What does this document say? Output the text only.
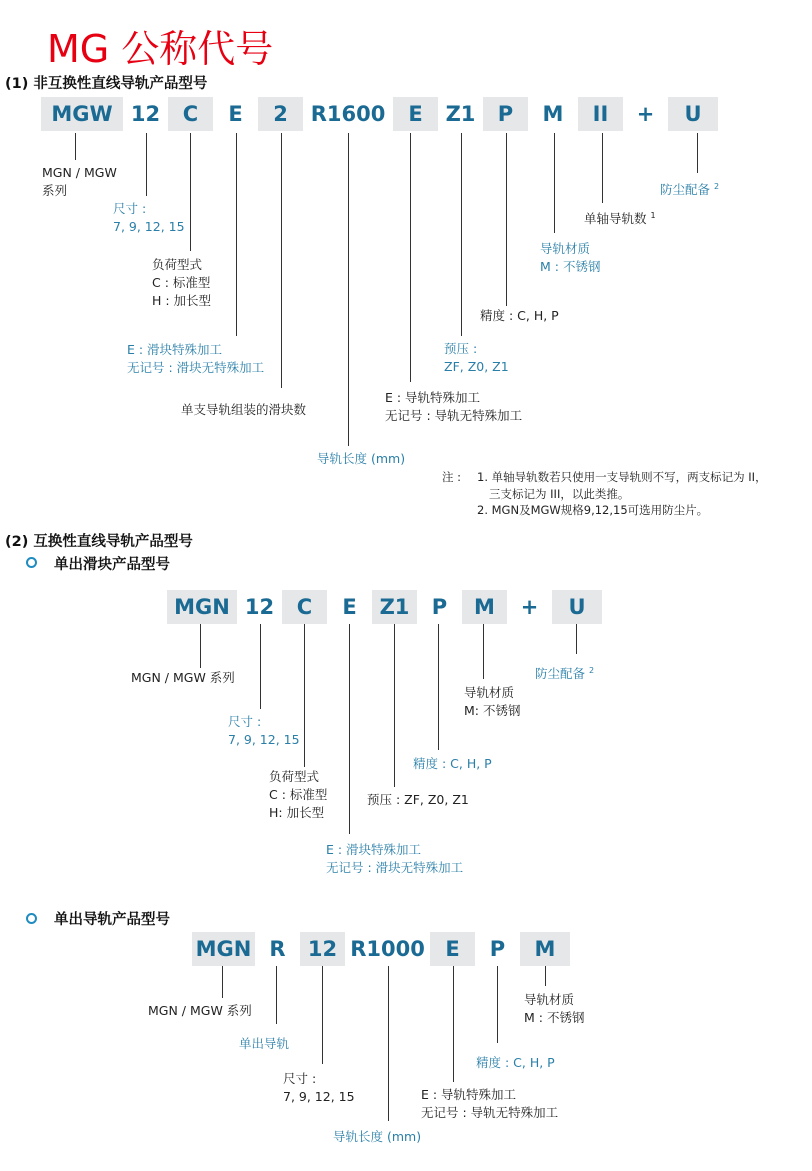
MG 公称代号
(1) 非互换性直线导轨产品型号
MGW 12	C	E	2	R1600	E	Z1	P	M	II	+	U
MGN / MGW
系列
尺寸 :
7, 9, 12, 15
负荷型式
C : 标准型
H : 加长型
E : 滑块特殊加工
无记号 : 滑块无特殊加工
单支导轨组装的滑块数
导轨长度 (mm)
E : 导轨特殊加工
无记号 : 导轨无特殊加工
预压 :
ZF, Z0, Z1
精度 : C, H, P
导轨材质
M : 不锈钢
单轴导轨数 $^1$
防尘配备 $^2$
注 : 1. 单轴导轨数若只使用一支导轨则不写，两支标记为 II，
三支标记为 III，以此类推。
2. MGN及MGW规格9,12,15可选用防尘片。
(2) 互换性直线导轨产品型号
单出滑块产品型号
MGN 12	C	E	Z1	P	M	+	U
MGN / MGW 系列
尺寸 :
7, 9, 12, 15
负荷型式
C : 标准型
H: 加长型
E : 滑块特殊加工
无记号 : 滑块无特殊加工
预压 : ZF, Z0, Z1
精度 : C, H, P
导轨材质
M: 不锈钢
防尘配备 $^2$
单出导轨产品型号
MGN R	12 R1000 E	P	M
MGN / MGW 系列
单出导轨
尺寸 :
7, 9, 12, 15
导轨长度 (mm)
E : 导轨特殊加工
无记号 : 导轨无特殊加工
精度 : C, H, P
导轨材质
M : 不锈钢
